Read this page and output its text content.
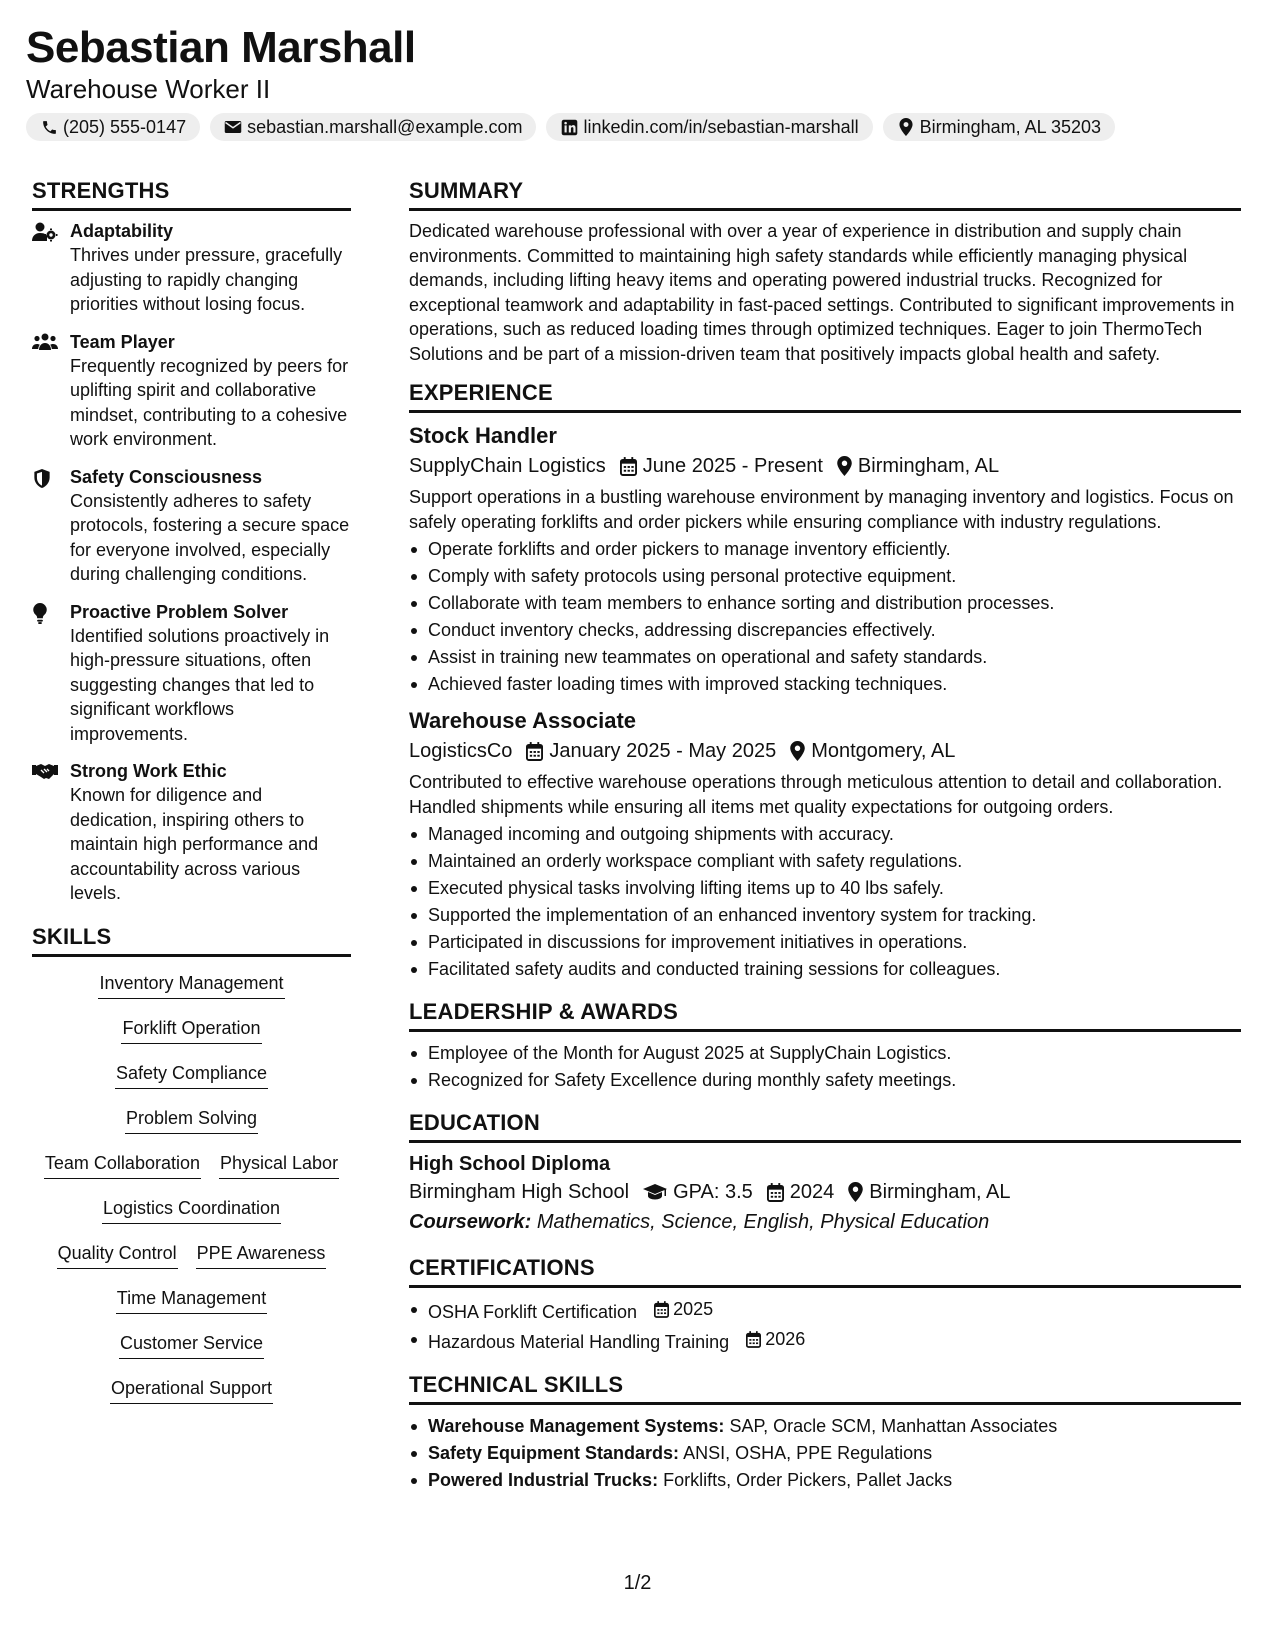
Sebastian Marshall
Warehouse Worker II
(205) 555-0147	sebastian.marshall@example.com	linkedin.com/in/sebastian-marshall	Birmingham, AL 35203
STRENGTHS
Adaptability
Thrives under pressure, gracefully adjusting to rapidly changing priorities without losing focus.
Team Player
Frequently recognized by peers for uplifting spirit and collaborative mindset, contributing to a cohesive work environment.
Safety Consciousness
Consistently adheres to safety protocols, fostering a secure space for everyone involved, especially during challenging conditions.
Proactive Problem Solver
Identified solutions proactively in high-pressure situations, often suggesting changes that led to significant workflows improvements.
Strong Work Ethic
Known for diligence and dedication, inspiring others to maintain high performance and accountability across various levels.
SKILLS
Inventory Management
Forklift Operation
Safety Compliance
Problem Solving
Team Collaboration Physical Labor
Logistics Coordination
Quality Control PPE Awareness
Time Management
Customer Service
Operational Support
SUMMARY
Dedicated warehouse professional with over a year of experience in distribution and supply chain environments. Committed to maintaining high safety standards while efficiently managing physical demands, including lifting heavy items and operating powered industrial trucks. Recognized for exceptional teamwork and adaptability in fast-paced settings. Contributed to significant improvements in operations, such as reduced loading times through optimized techniques. Eager to join ThermoTech Solutions and be part of a mission-driven team that positively impacts global health and safety.
EXPERIENCE
Stock Handler
SupplyChain Logistics June 2025 - Present Birmingham, AL
Support operations in a bustling warehouse environment by managing inventory and logistics. Focus on safely operating forklifts and order pickers while ensuring compliance with industry regulations.
Operate forklifts and order pickers to manage inventory efficiently.
Comply with safety protocols using personal protective equipment.
Collaborate with team members to enhance sorting and distribution processes.
Conduct inventory checks, addressing discrepancies effectively.
Assist in training new teammates on operational and safety standards.
Achieved faster loading times with improved stacking techniques.
Warehouse Associate
LogisticsCo January 2025 - May 2025 Montgomery, AL
Contributed to effective warehouse operations through meticulous attention to detail and collaboration. Handled shipments while ensuring all items met quality expectations for outgoing orders.
Managed incoming and outgoing shipments with accuracy.
Maintained an orderly workspace compliant with safety regulations.
Executed physical tasks involving lifting items up to 40 lbs safely.
Supported the implementation of an enhanced inventory system for tracking.
Participated in discussions for improvement initiatives in operations.
Facilitated safety audits and conducted training sessions for colleagues.
LEADERSHIP & AWARDS
Employee of the Month for August 2025 at SupplyChain Logistics.
Recognized for Safety Excellence during monthly safety meetings.
EDUCATION
High School Diploma
Birmingham High School GPA: 3.5 2024 Birmingham, AL
Coursework: Mathematics, Science, English, Physical Education
CERTIFICATIONS
OSHA Forklift Certification 2025
Hazardous Material Handling Training 2026
TECHNICAL SKILLS
Warehouse Management Systems: SAP, Oracle SCM, Manhattan Associates
Safety Equipment Standards: ANSI, OSHA, PPE Regulations
Powered Industrial Trucks: Forklifts, Order Pickers, Pallet Jacks
1/2
